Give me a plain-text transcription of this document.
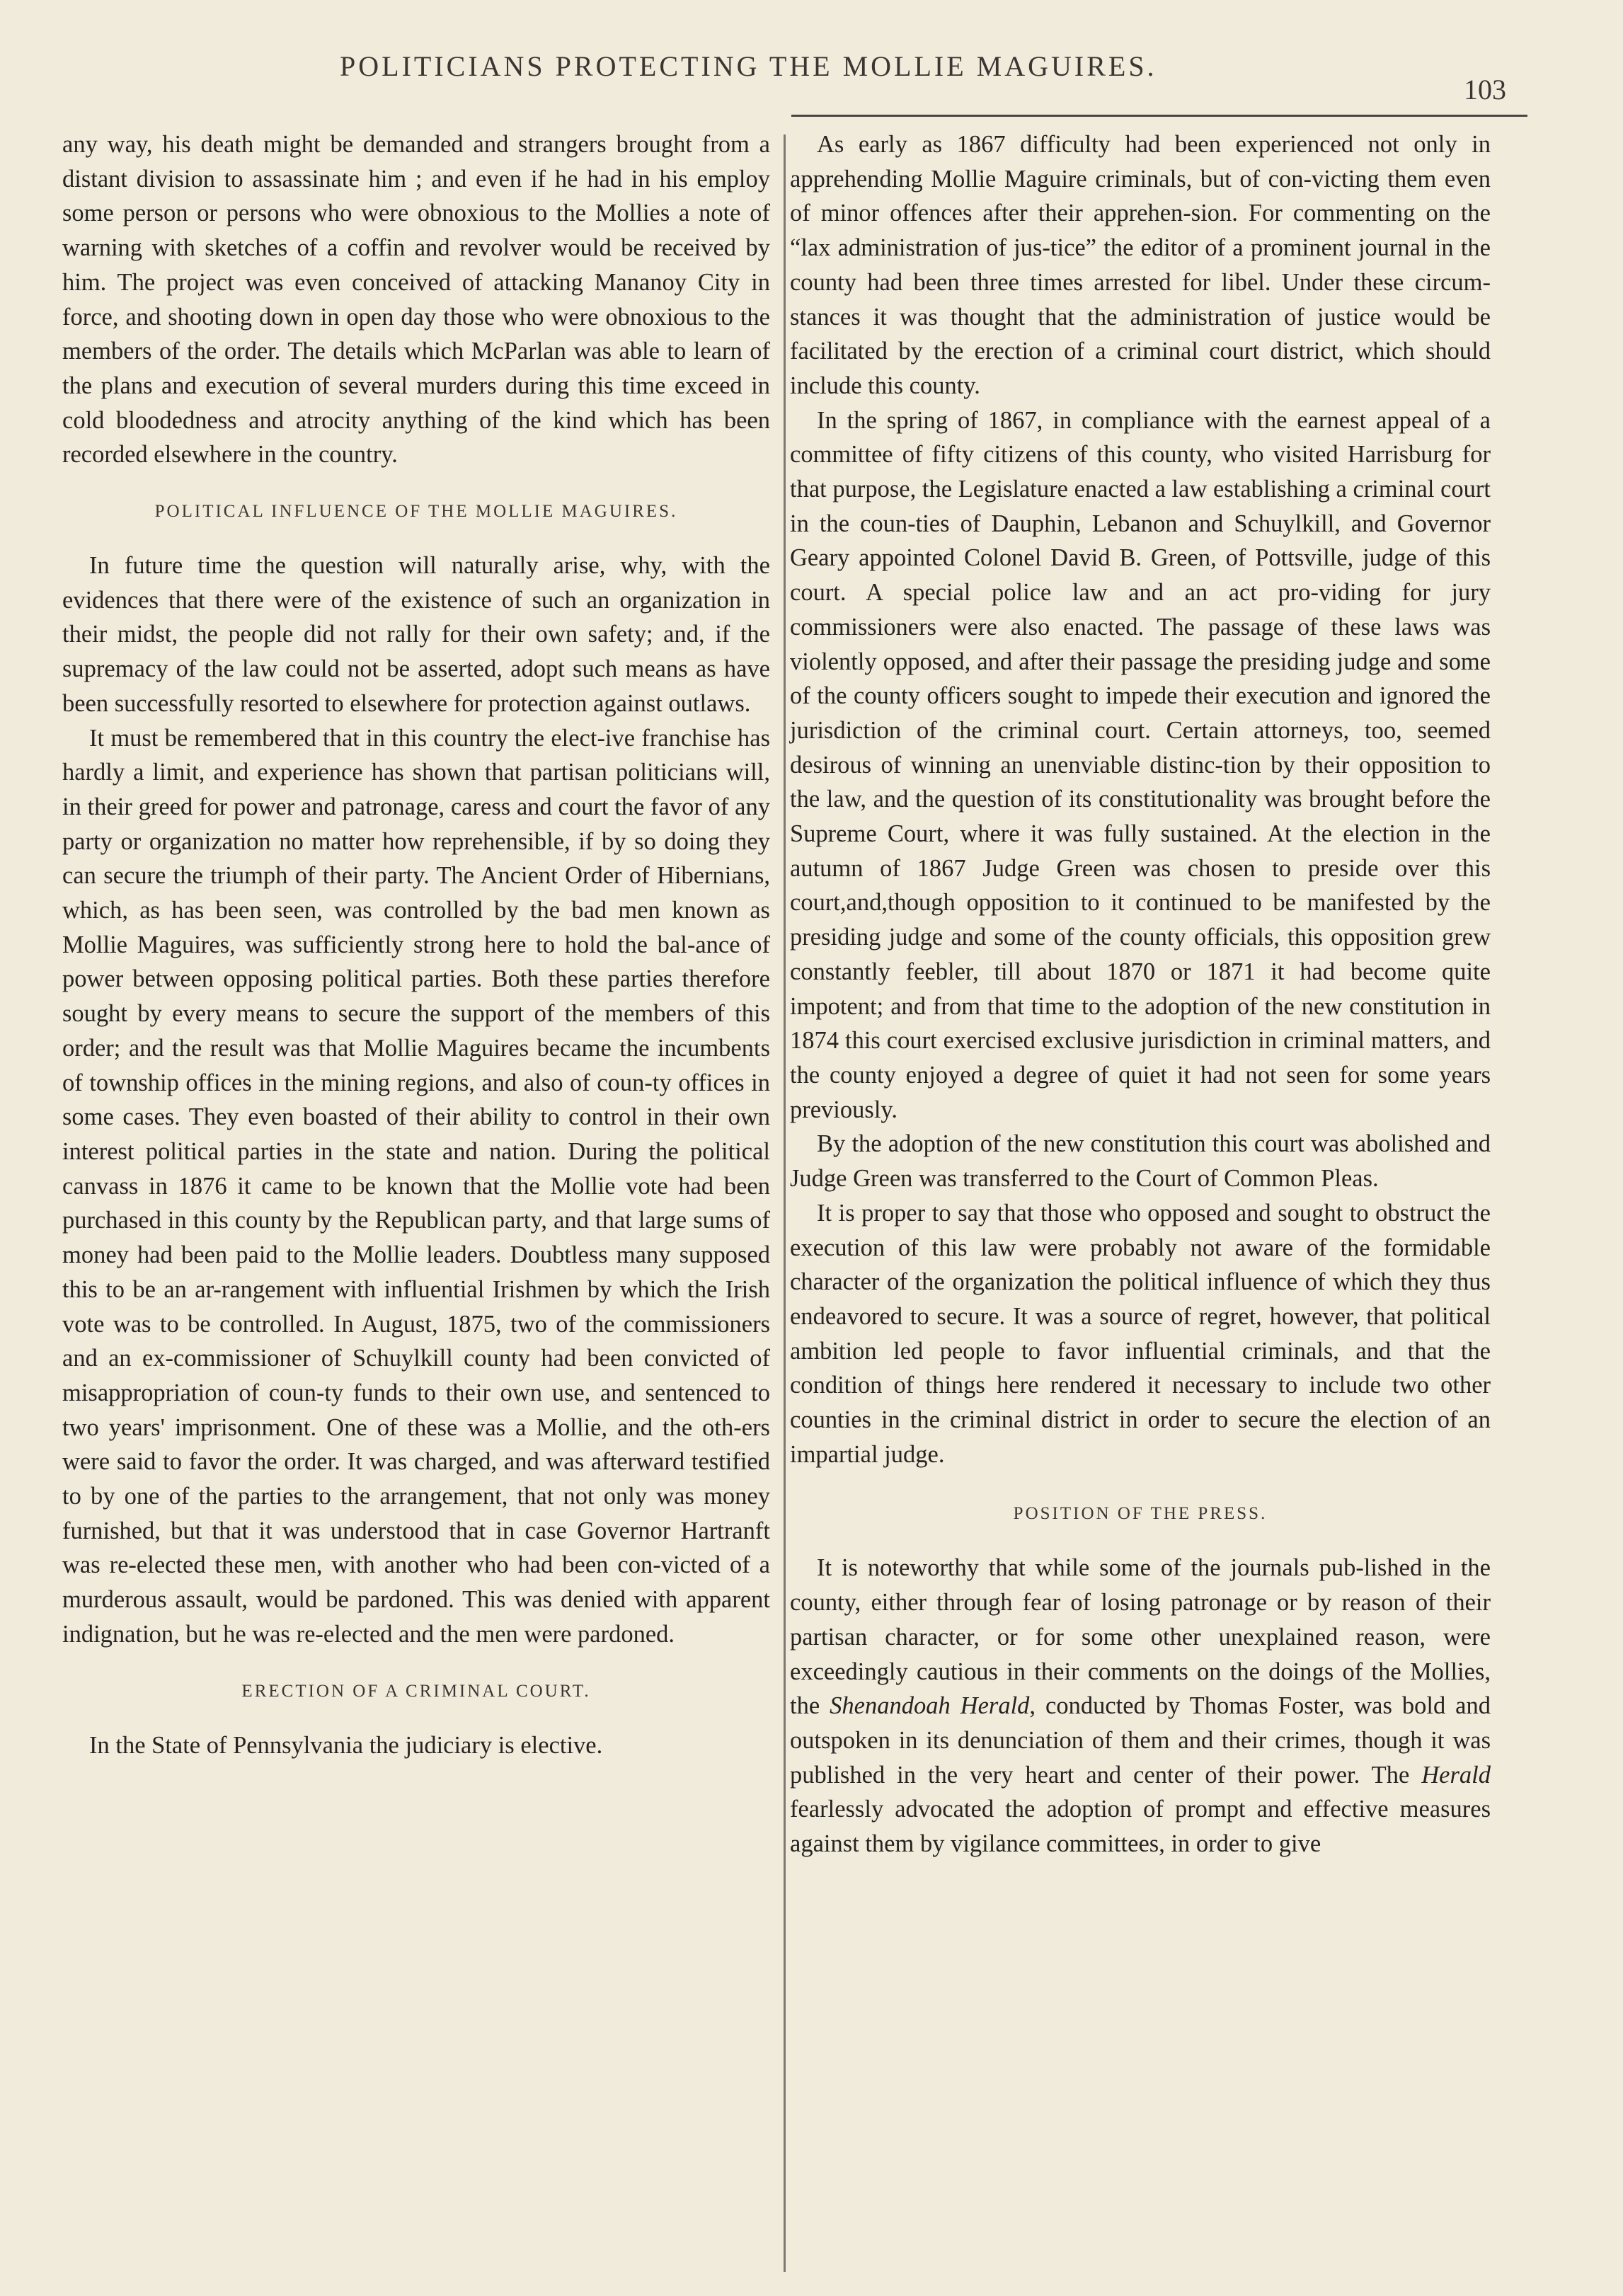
POLITICIANS PROTECTING THE MOLLIE MAGUIRES.
103

any way, his death might be demanded and strangers brought from a distant division to assassinate him ; and even if he had in his employ some person or persons who were obnoxious to the Mollies a note of warning with sketches of a coffin and revolver would be received by him. The project was even conceived of attacking Mananoy City in force, and shooting down in open day those who were obnoxious to the members of the order. The details which McParlan was able to learn of the plans and execution of several murders during this time exceed in cold bloodedness and atrocity anything of the kind which has been recorded elsewhere in the country.

POLITICAL INFLUENCE OF THE MOLLIE MAGUIRES.

In future time the question will naturally arise, why, with the evidences that there were of the existence of such an organization in their midst, the people did not rally for their own safety; and, if the supremacy of the law could not be asserted, adopt such means as have been successfully resorted to elsewhere for protection against outlaws.

It must be remembered that in this country the elect-ive franchise has hardly a limit, and experience has shown that partisan politicians will, in their greed for power and patronage, caress and court the favor of any party or organization no matter how reprehensible, if by so doing they can secure the triumph of their party. The Ancient Order of Hibernians, which, as has been seen, was controlled by the bad men known as Mollie Maguires, was sufficiently strong here to hold the bal-ance of power between opposing political parties. Both these parties therefore sought by every means to secure the support of the members of this order; and the result was that Mollie Maguires became the incumbents of township offices in the mining regions, and also of coun-ty offices in some cases. They even boasted of their ability to control in their own interest political parties in the state and nation. During the political canvass in 1876 it came to be known that the Mollie vote had been purchased in this county by the Republican party, and that large sums of money had been paid to the Mollie leaders. Doubtless many supposed this to be an ar-rangement with influential Irishmen by which the Irish vote was to be controlled. In August, 1875, two of the commissioners and an ex-commissioner of Schuylkill county had been convicted of misappropriation of coun-ty funds to their own use, and sentenced to two years' imprisonment. One of these was a Mollie, and the oth-ers were said to favor the order. It was charged, and was afterward testified to by one of the parties to the arrangement, that not only was money furnished, but that it was understood that in case Governor Hartranft was re-elected these men, with another who had been con-victed of a murderous assault, would be pardoned. This was denied with apparent indignation, but he was re-elected and the men were pardoned.

ERECTION OF A CRIMINAL COURT.

In the State of Pennsylvania the judiciary is elective.

As early as 1867 difficulty had been experienced not only in apprehending Mollie Maguire criminals, but of con-victing them even of minor offences after their apprehen-sion. For commenting on the “lax administration of jus-tice” the editor of a prominent journal in the county had been three times arrested for libel. Under these circum-stances it was thought that the administration of justice would be facilitated by the erection of a criminal court district, which should include this county.

In the spring of 1867, in compliance with the earnest appeal of a committee of fifty citizens of this county, who visited Harrisburg for that purpose, the Legislature enacted a law establishing a criminal court in the coun-ties of Dauphin, Lebanon and Schuylkill, and Governor Geary appointed Colonel David B. Green, of Pottsville, judge of this court. A special police law and an act pro-viding for jury commissioners were also enacted. The passage of these laws was violently opposed, and after their passage the presiding judge and some of the county officers sought to impede their execution and ignored the jurisdiction of the criminal court. Certain attorneys, too, seemed desirous of winning an unenviable distinc-tion by their opposition to the law, and the question of its constitutionality was brought before the Supreme Court, where it was fully sustained. At the election in the autumn of 1867 Judge Green was chosen to preside over this court,and,though opposition to it continued to be manifested by the presiding judge and some of the county officials, this opposition grew constantly feebler, till about 1870 or 1871 it had become quite impotent; and from that time to the adoption of the new constitution in 1874 this court exercised exclusive jurisdiction in criminal matters, and the county enjoyed a degree of quiet it had not seen for some years previously.

By the adoption of the new constitution this court was abolished and Judge Green was transferred to the Court of Common Pleas.

It is proper to say that those who opposed and sought to obstruct the execution of this law were probably not aware of the formidable character of the organization the political influence of which they thus endeavored to secure. It was a source of regret, however, that political ambition led people to favor influential criminals, and that the condition of things here rendered it necessary to include two other counties in the criminal district in order to secure the election of an impartial judge.

POSITION OF THE PRESS.

It is noteworthy that while some of the journals pub-lished in the county, either through fear of losing patronage or by reason of their partisan character, or for some other unexplained reason, were exceedingly cautious in their comments on the doings of the Mollies, the Shenandoah Herald, conducted by Thomas Foster, was bold and outspoken in its denunciation of them and their crimes, though it was published in the very heart and center of their power. The Herald fearlessly advocated the adoption of prompt and effective measures against them by vigilance committees, in order to give
